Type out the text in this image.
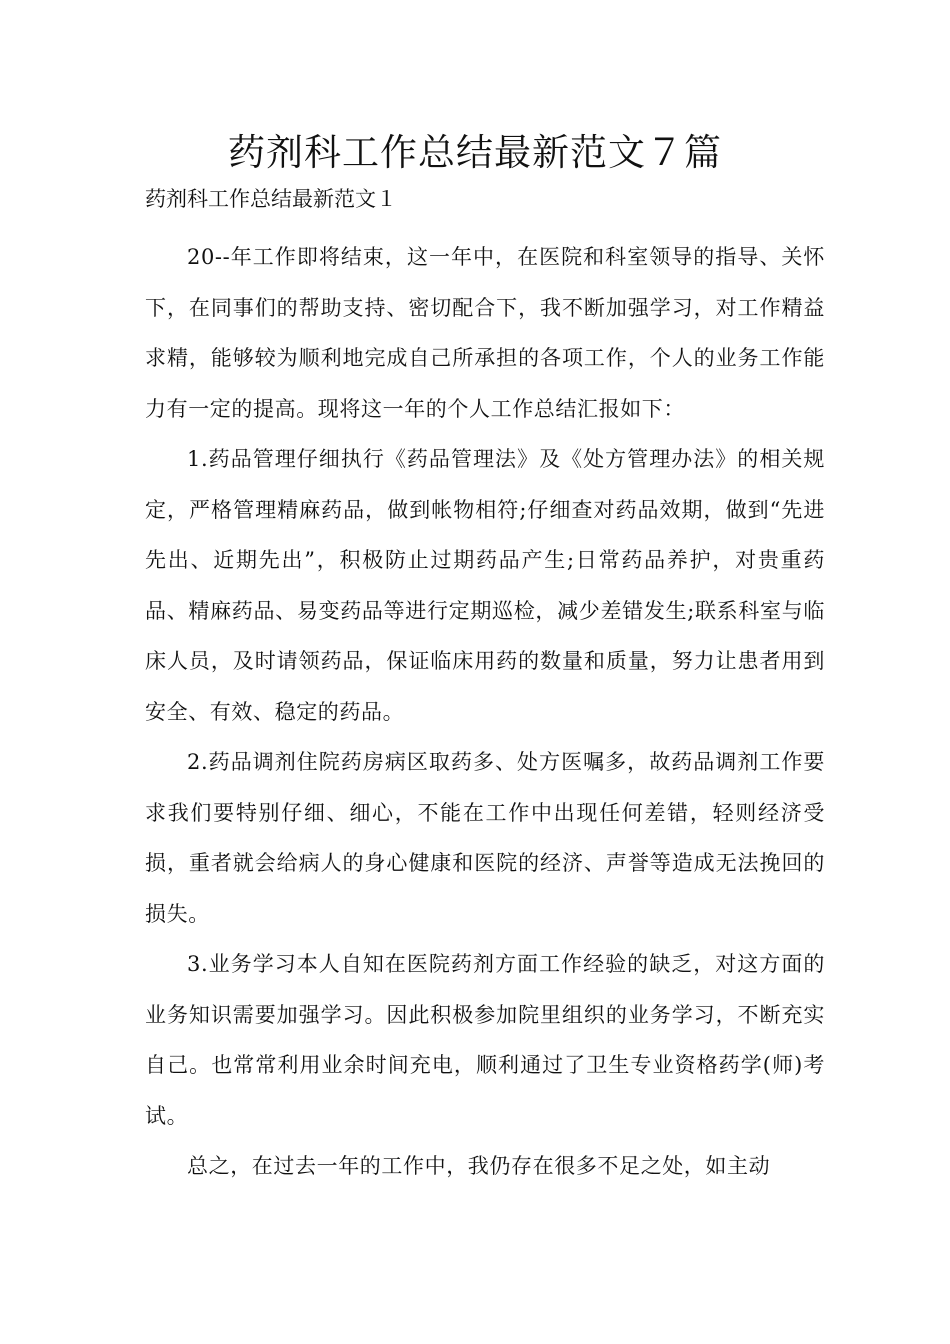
药剂科工作总结最新范文７篇

药剂科工作总结最新范文１

20--年工作即将结束，这一年中，在医院和科室领导的指导、关怀下，在同事们的帮助支持、密切配合下，我不断加强学习，对工作精益求精，能够较为顺利地完成自己所承担的各项工作，个人的业务工作能力有一定的提高。现将这一年的个人工作总结汇报如下：

1.药品管理仔细执行《药品管理法》及《处方管理办法》的相关规定，严格管理精麻药品，做到帐物相符;仔细查对药品效期，做到“先进先出、近期先出”，积极防止过期药品产生;日常药品养护，对贵重药品、精麻药品、易变药品等进行定期巡检，减少差错发生;联系科室与临床人员，及时请领药品，保证临床用药的数量和质量，努力让患者用到安全、有效、稳定的药品。

2.药品调剂住院药房病区取药多、处方医嘱多，故药品调剂工作要求我们要特别仔细、细心，不能在工作中出现任何差错，轻则经济受损，重者就会给病人的身心健康和医院的经济、声誉等造成无法挽回的损失。

3.业务学习本人自知在医院药剂方面工作经验的缺乏，对这方面的业务知识需要加强学习。因此积极参加院里组织的业务学习，不断充实自己。也常常利用业余时间充电，顺利通过了卫生专业资格药学(师)考试。

总之，在过去一年的工作中，我仍存在很多不足之处，如主动
